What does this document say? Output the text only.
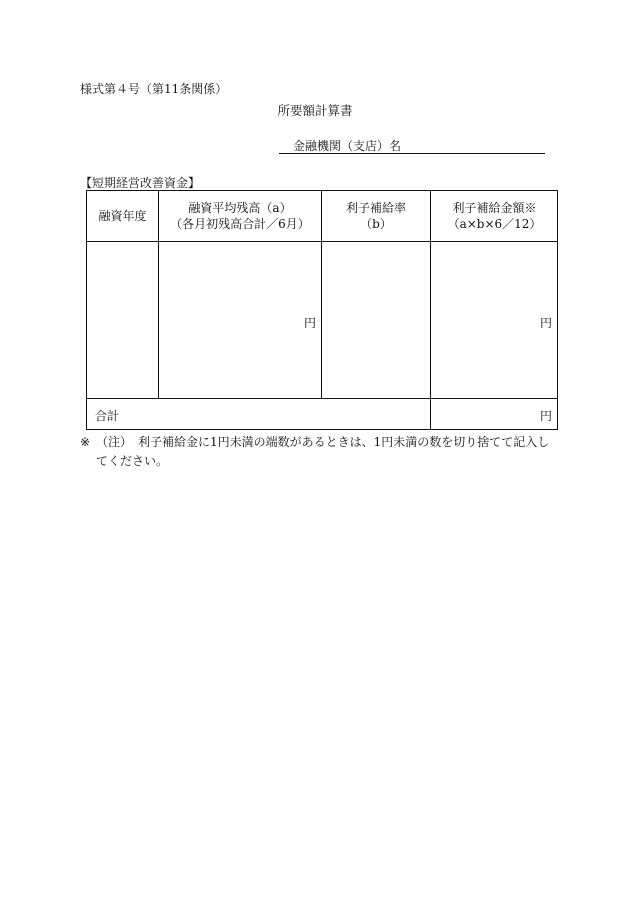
様式第４号（第11条関係）
所要額計算書
金融機関（支店）名
【短期経営改善資金】
融資年度
融資平均残高（a）
（各月初残高合計／6月）
利子補給率
（b）
利子補給金額※
（a×b×6／12）
円	円
合計	円
※ （注）　利子補給金に1円未満の端数があるときは、1円未満の数を切り捨てて記入してください。
